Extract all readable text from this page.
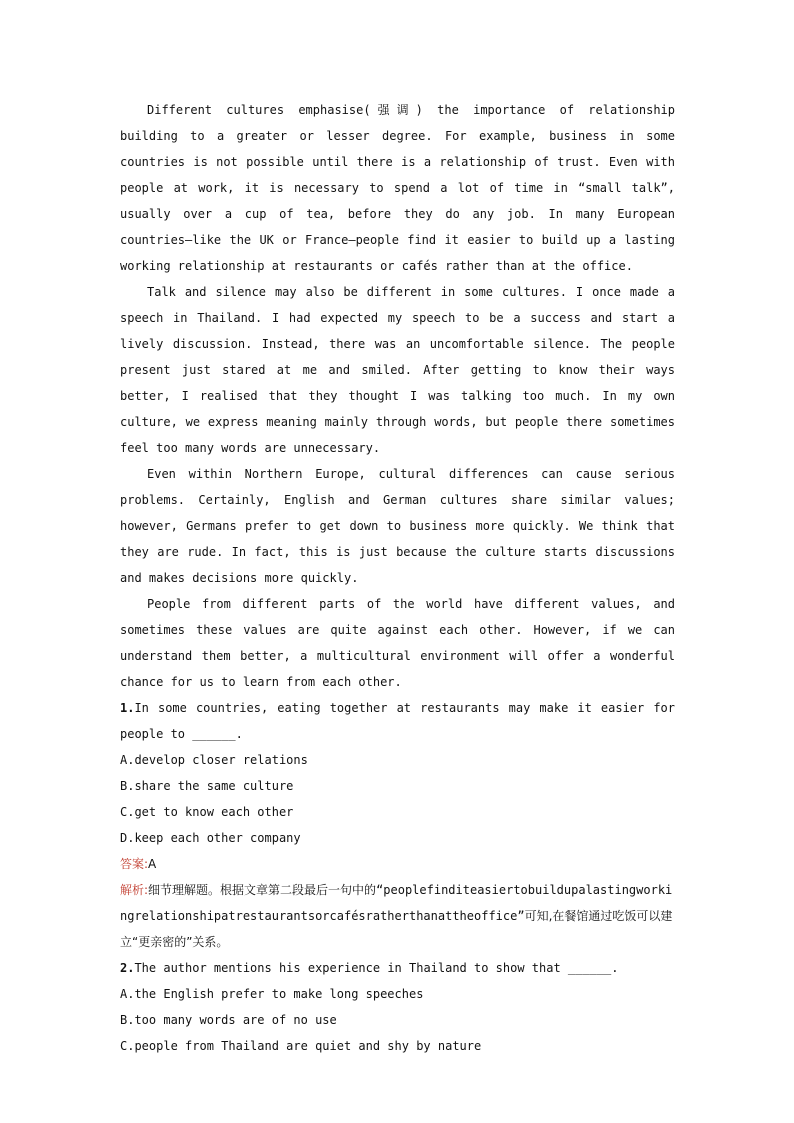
Different cultures emphasise(强调) the importance of relationship building to a greater or lesser degree. For example, business in some countries is not possible until there is a relationship of trust. Even with people at work, it is necessary to spend a lot of time in “small talk”, usually over a cup of tea, before they do any job. In many European countries—like the UK or France—people find it easier to build up a lasting working relationship at restaurants or cafés rather than at the office.

Talk and silence may also be different in some cultures. I once made a speech in Thailand. I had expected my speech to be a success and start a lively discussion. Instead, there was an uncomfortable silence. The people present just stared at me and smiled. After getting to know their ways better, I realised that they thought I was talking too much. In my own culture, we express meaning mainly through words, but people there sometimes feel too many words are unnecessary.

Even within Northern Europe, cultural differences can cause serious problems. Certainly, English and German cultures share similar values; however, Germans prefer to get down to business more quickly. We think that they are rude. In fact, this is just because the culture starts discussions and makes decisions more quickly.

People from different parts of the world have different values, and sometimes these values are quite against each other. However, if we can understand them better, a multicultural environment will offer a wonderful chance for us to learn from each other.

1.In some countries, eating together at restaurants may make it easier for people to ______.

A.develop closer relations

B.share the same culture

C.get to know each other

D.keep each other company

答案:A

解析:细节理解题。根据文章第二段最后一句中的“peoplefinditeasiertobuildupalastingworkingrelationshipatrestaurantsorcafésratherthanattheoffice”可知,在餐馆通过吃饭可以建立“更亲密的”关系。

2.The author mentions his experience in Thailand to show that ______.

A.the English prefer to make long speeches

B.too many words are of no use

C.people from Thailand are quiet and shy by nature
